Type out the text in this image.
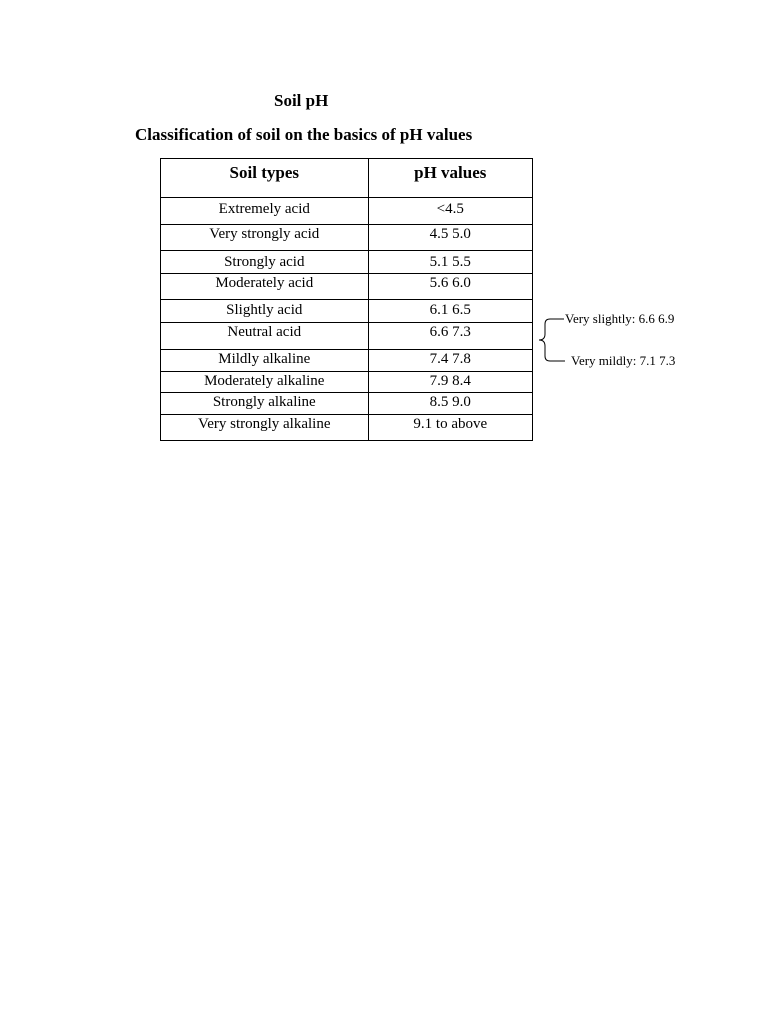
Soil pH
Classification of soil on the basics of pH values
Soil types	pH values
Extremely acid	<4.5
Very strongly acid	4.5 5.0
Strongly acid	5.1 5.5
Moderately acid	5.6 6.0
Slightly acid	6.1 6.5
Neutral acid	6.6 7.3
Mildly alkaline	7.4 7.8
Moderately alkaline	7.9 8.4
Strongly alkaline	8.5 9.0
Very strongly alkaline	9.1 to above
Very slightly: 6.6 6.9
Very mildly: 7.1 7.3
